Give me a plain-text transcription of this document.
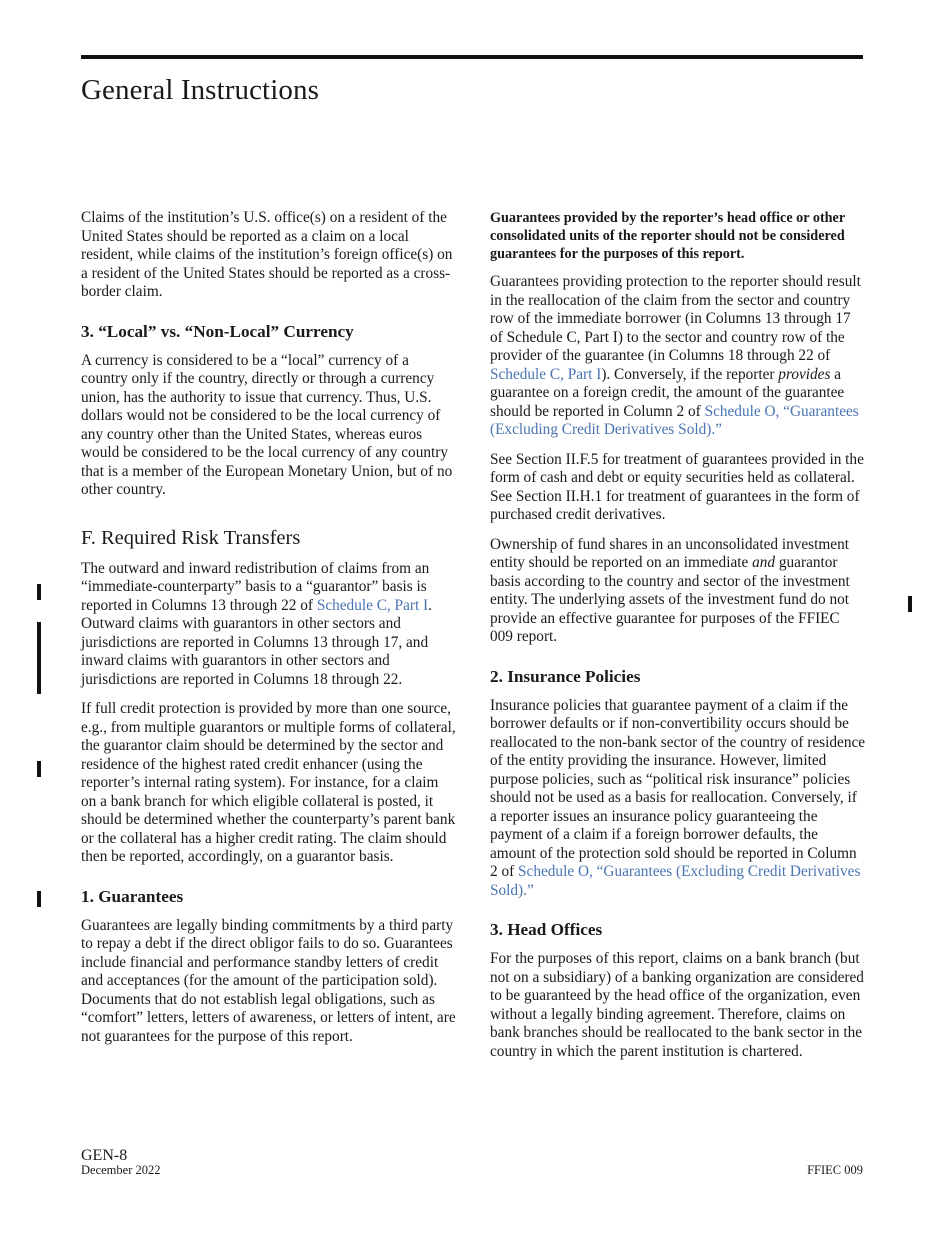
General Instructions

Claims of the institution’s U.S. office(s) on a resident of the United States should be reported as a claim on a local resident, while claims of the institution’s foreign office(s) on a resident of the United States should be reported as a cross-border claim.

3. “Local” vs. “Non-Local” Currency

A currency is considered to be a “local” currency of a country only if the country, directly or through a currency union, has the authority to issue that currency. Thus, U.S. dollars would not be considered to be the local currency of any country other than the United States, whereas euros would be considered to be the local currency of any country that is a member of the European Monetary Union, but of no other country.

F. Required Risk Transfers

The outward and inward redistribution of claims from an “immediate-counterparty” basis to a “guarantor” basis is reported in Columns 13 through 22 of Schedule C, Part I. Outward claims with guarantors in other sectors and jurisdictions are reported in Columns 13 through 17, and inward claims with guarantors in other sectors and jurisdictions are reported in Columns 18 through 22.

If full credit protection is provided by more than one source, e.g., from multiple guarantors or multiple forms of collateral, the guarantor claim should be determined by the sector and residence of the highest rated credit enhancer (using the reporter’s internal rating system). For instance, for a claim on a bank branch for which eligible collateral is posted, it should be determined whether the counterparty’s parent bank or the collateral has a higher credit rating. The claim should then be reported, accordingly, on a guarantor basis.

1. Guarantees

Guarantees are legally binding commitments by a third party to repay a debt if the direct obligor fails to do so. Guarantees include financial and performance standby letters of credit and acceptances (for the amount of the participation sold). Documents that do not establish legal obligations, such as “comfort” letters, letters of awareness, or letters of intent, are not guarantees for the purpose of this report.

Guarantees provided by the reporter’s head office or other consolidated units of the reporter should not be considered guarantees for the purposes of this report.

Guarantees providing protection to the reporter should result in the reallocation of the claim from the sector and country row of the immediate borrower (in Columns 13 through 17 of Schedule C, Part I) to the sector and country row of the provider of the guarantee (in Columns 18 through 22 of Schedule C, Part I). Conversely, if the reporter provides a guarantee on a foreign credit, the amount of the guarantee should be reported in Column 2 of Schedule O, “Guarantees (Excluding Credit Derivatives Sold).”

See Section II.F.5 for treatment of guarantees provided in the form of cash and debt or equity securities held as collateral. See Section II.H.1 for treatment of guarantees in the form of purchased credit derivatives.

Ownership of fund shares in an unconsolidated investment entity should be reported on an immediate and guarantor basis according to the country and sector of the investment entity. The underlying assets of the investment fund do not provide an effective guarantee for purposes of the FFIEC 009 report.

2. Insurance Policies

Insurance policies that guarantee payment of a claim if the borrower defaults or if non-convertibility occurs should be reallocated to the non-bank sector of the country of residence of the entity providing the insurance. However, limited purpose policies, such as “political risk insurance” policies should not be used as a basis for reallocation. Conversely, if a reporter issues an insurance policy guaranteeing the payment of a claim if a foreign borrower defaults, the amount of the protection sold should be reported in Column 2 of Schedule O, “Guarantees (Excluding Credit Derivatives Sold).”

3. Head Offices

For the purposes of this report, claims on a bank branch (but not on a subsidiary) of a banking organization are considered to be guaranteed by the head office of the organization, even without a legally binding agreement. Therefore, claims on bank branches should be reallocated to the bank sector in the country in which the parent institution is chartered.

GEN-8
December 2022	FFIEC 009
